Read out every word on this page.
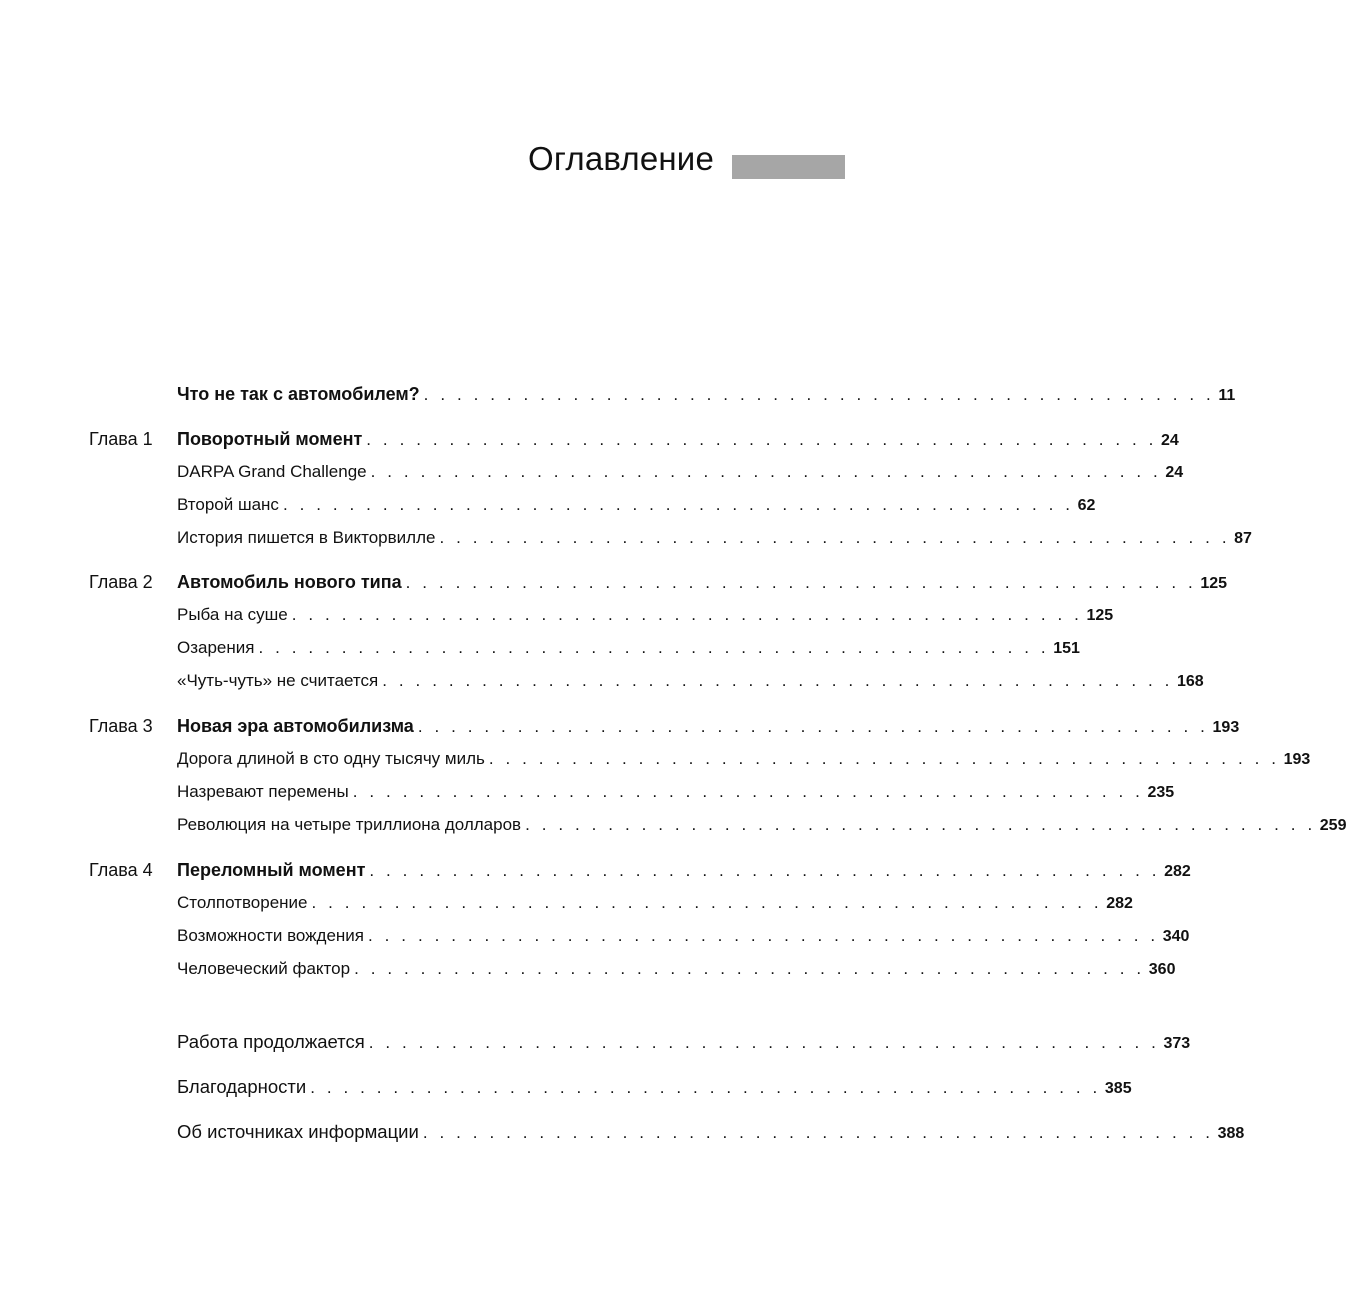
Оглавление
Что не так с автомобилем? . . . . . . . . . . . . . . . . . . . . . . . . . . . . . . . . . . . . . . . . . . . . . . . . 11
Глава 1 Поворотный момент . . . . . . . . . . . . . . . . . . . . . . . . . . . . . . . . . . . . . . . . . . . . . . . . 24
DARPA Grand Challenge . . . . . . . . . . . . . . . . . . . . . . . . . . . . . . . . . . . . . . . . . . . . . . . . 24
Второй шанс . . . . . . . . . . . . . . . . . . . . . . . . . . . . . . . . . . . . . . . . . . . . . . . . 62
История пишется в Викторвилле . . . . . . . . . . . . . . . . . . . . . . . . . . . . . . . . . . . . . . . . . . . . . . . . 87
Глава 2 Автомобиль нового типа . . . . . . . . . . . . . . . . . . . . . . . . . . . . . . . . . . . . . . . . . . . . . . . . 125
Рыба на суше . . . . . . . . . . . . . . . . . . . . . . . . . . . . . . . . . . . . . . . . . . . . . . . . 125
Озарения . . . . . . . . . . . . . . . . . . . . . . . . . . . . . . . . . . . . . . . . . . . . . . . . 151
«Чуть-чуть» не считается . . . . . . . . . . . . . . . . . . . . . . . . . . . . . . . . . . . . . . . . . . . . . . . . 168
Глава 3 Новая эра автомобилизма . . . . . . . . . . . . . . . . . . . . . . . . . . . . . . . . . . . . . . . . . . . . . . . . 193
Дорога длиной в сто одну тысячу миль . . . . . . . . . . . . . . . . . . . . . . . . . . . . . . . . . . . . . . . . . . . . . . . . 193
Назревают перемены . . . . . . . . . . . . . . . . . . . . . . . . . . . . . . . . . . . . . . . . . . . . . . . . 235
Революция на четыре триллиона долларов . . . . . . . . . . . . . . . . . . . . . . . . . . . . . . . . . . . . . . . . . . . . . . . . 259
Глава 4 Переломный момент . . . . . . . . . . . . . . . . . . . . . . . . . . . . . . . . . . . . . . . . . . . . . . . . 282
Столпотворение . . . . . . . . . . . . . . . . . . . . . . . . . . . . . . . . . . . . . . . . . . . . . . . . 282
Возможности вождения . . . . . . . . . . . . . . . . . . . . . . . . . . . . . . . . . . . . . . . . . . . . . . . . 340
Человеческий фактор . . . . . . . . . . . . . . . . . . . . . . . . . . . . . . . . . . . . . . . . . . . . . . . . 360
Работа продолжается . . . . . . . . . . . . . . . . . . . . . . . . . . . . . . . . . . . . . . . . . . . . . . . . 373
Благодарности . . . . . . . . . . . . . . . . . . . . . . . . . . . . . . . . . . . . . . . . . . . . . . . . 385
Об источниках информации . . . . . . . . . . . . . . . . . . . . . . . . . . . . . . . . . . . . . . . . . . . . . . . . 388
